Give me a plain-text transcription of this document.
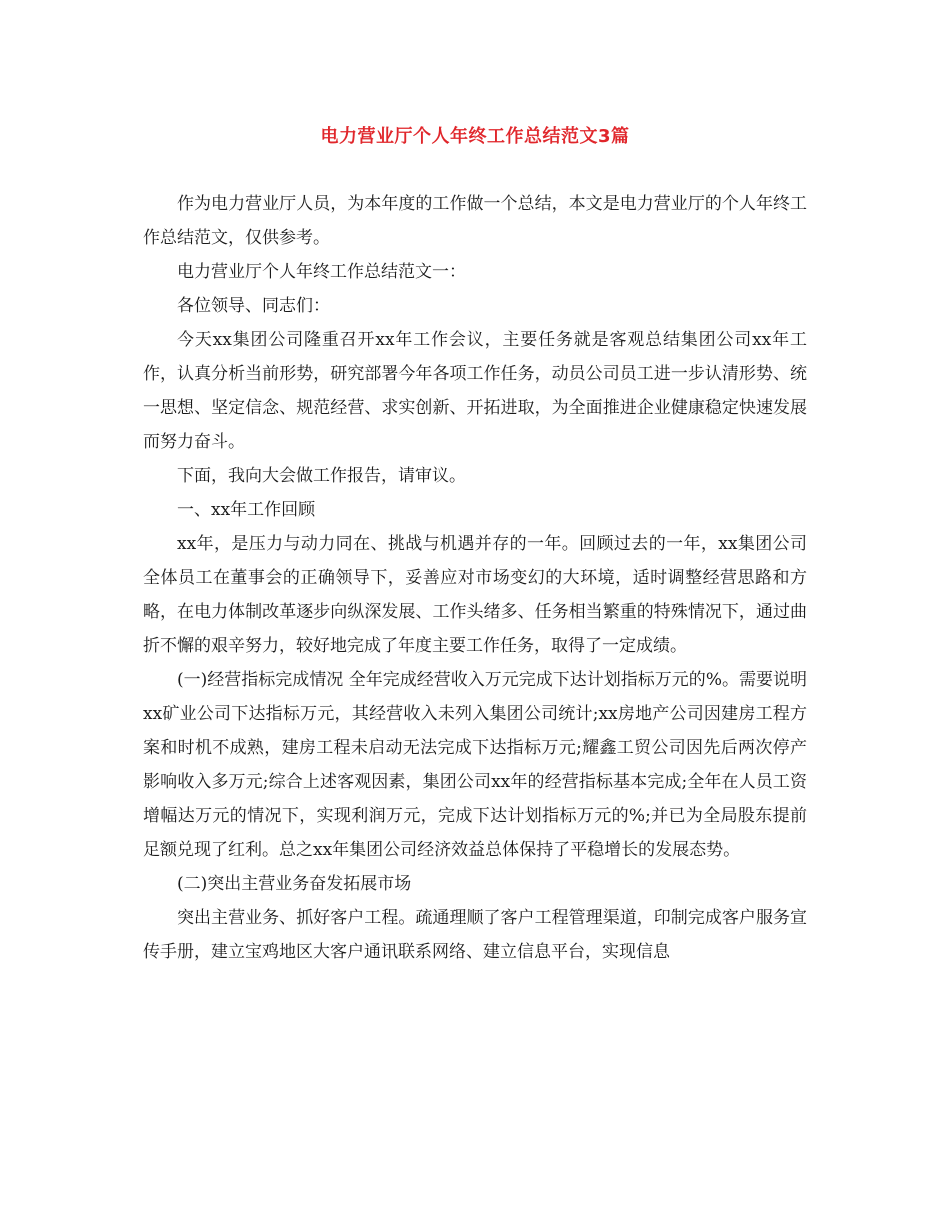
电力营业厅个人年终工作总结范文3篇

作为电力营业厅人员，为本年度的工作做一个总结，本文是电力营业厅的个人年终工作总结范文，仅供参考。

电力营业厅个人年终工作总结范文一：

各位领导、同志们：

今天xx集团公司隆重召开xx年工作会议，主要任务就是客观总结集团公司xx年工作，认真分析当前形势，研究部署今年各项工作任务，动员公司员工进一步认清形势、统一思想、坚定信念、规范经营、求实创新、开拓进取，为全面推进企业健康稳定快速发展而努力奋斗。

下面，我向大会做工作报告，请审议。

一、xx年工作回顾

xx年，是压力与动力同在、挑战与机遇并存的一年。回顾过去的一年，xx集团公司全体员工在董事会的正确领导下，妥善应对市场变幻的大环境，适时调整经营思路和方略，在电力体制改革逐步向纵深发展、工作头绪多、任务相当繁重的特殊情况下，通过曲折不懈的艰辛努力，较好地完成了年度主要工作任务，取得了一定成绩。

(一)经营指标完成情况 全年完成经营收入万元完成下达计划指标万元的%。需要说明xx矿业公司下达指标万元，其经营收入未列入集团公司统计;xx房地产公司因建房工程方案和时机不成熟，建房工程未启动无法完成下达指标万元;耀鑫工贸公司因先后两次停产影响收入多万元;综合上述客观因素，集团公司xx年的经营指标基本完成;全年在人员工资增幅达万元的情况下，实现利润万元，完成下达计划指标万元的%;并已为全局股东提前足额兑现了红利。总之xx年集团公司经济效益总体保持了平稳增长的发展态势。

(二)突出主营业务奋发拓展市场

突出主营业务、抓好客户工程。疏通理顺了客户工程管理渠道，印制完成客户服务宣传手册，建立宝鸡地区大客户通讯联系网络、建立信息平台，实现信息
